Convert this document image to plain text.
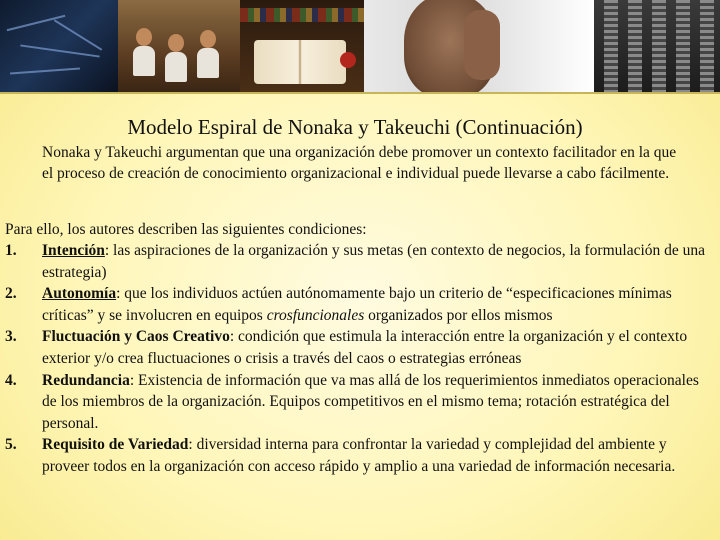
Modelo Espiral de Nonaka y Takeuchi (Continuación)

Nonaka y Takeuchi argumentan que una organización debe promover un contexto facilitador en la que el proceso de creación de conocimiento organizacional e individual puede llevarse a cabo fácilmente.

Para ello, los autores describen las siguientes condiciones:

1.	Intención: las aspiraciones de la organización y sus metas (en contexto de negocios, la formulación de una estrategia)
2.	Autonomía: que los individuos actúen autónomamente bajo un criterio de “especificaciones mínimas críticas” y se involucren en equipos crosfuncionales organizados por ellos mismos
3.	Fluctuación y Caos Creativo: condición que estimula la interacción entre la organización y el contexto exterior y/o crea fluctuaciones o crisis a través del caos o estrategias erróneas
4.	Redundancia: Existencia de información que va mas allá de los requerimientos inmediatos operacionales de los miembros de la organización. Equipos competitivos en el mismo tema; rotación estratégica del personal.
5.	Requisito de Variedad: diversidad interna para confrontar la variedad y complejidad del ambiente y proveer todos en la organización con acceso rápido y amplio a una variedad de información necesaria.
